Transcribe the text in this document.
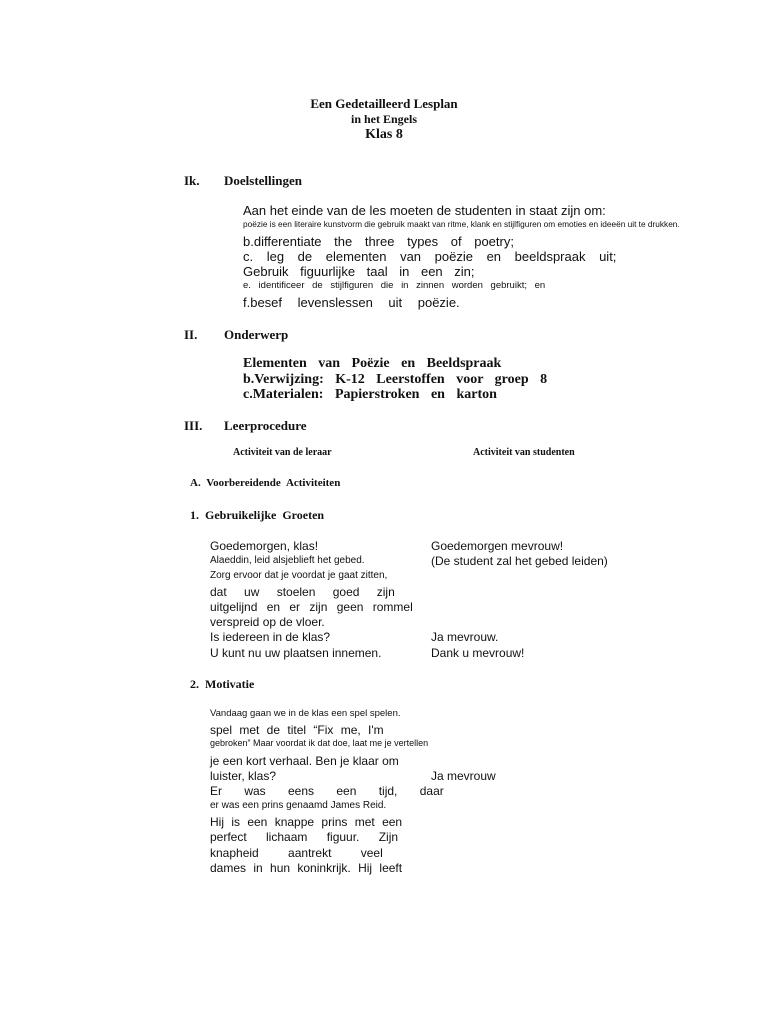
Een Gedetailleerd Lesplan
in het Engels
Klas 8
Ik. Doelstellingen
Aan het einde van de les moeten de studenten in staat zijn om:
poëzie is een literaire kunstvorm die gebruik maakt van ritme, klank en stijlfiguren om emoties en ideeën uit te drukken.
b.differentiate the three types of poetry;
c. leg de elementen van poëzie en beeldspraak uit;
Gebruik figuurlijke taal in een zin;
e. identificeer de stijlfiguren die in zinnen worden gebruikt; en
f.besef levenslessen uit poëzie.
II. Onderwerp
Elementen van Poëzie en Beeldspraak
b.Verwijzing: K-12 Leerstoffen voor groep 8
c.Materialen: Papierstroken en karton
III. Leerprocedure
Activiteit van de leraar	Activiteit van studenten
A. Voorbereidende Activiteiten
1. Gebruikelijke Groeten
Goedemorgen, klas!
Alaeddin, leid alsjeblieft het gebed.
Zorg ervoor dat je voordat je gaat zitten,
dat uw stoelen goed zijn
uitgelijnd en er zijn geen rommel
verspreid op de vloer.
Is iedereen in de klas?
U kunt nu uw plaatsen innemen.
Goedemorgen mevrouw!
(De student zal het gebed leiden)
Ja mevrouw.
Dank u mevrouw!
2. Motivatie
Vandaag gaan we in de klas een spel spelen.
spel met de titel “Fix me, I'm
gebroken” Maar voordat ik dat doe, laat me je vertellen
je een kort verhaal. Ben je klaar om
luister, klas?
Er was eens een tijd, daar
er was een prins genaamd James Reid.
Hij is een knappe prins met een
perfect lichaam figuur. Zijn
knapheid aantrekt veel
dames in hun koninkrijk. Hij leeft
Ja mevrouw
